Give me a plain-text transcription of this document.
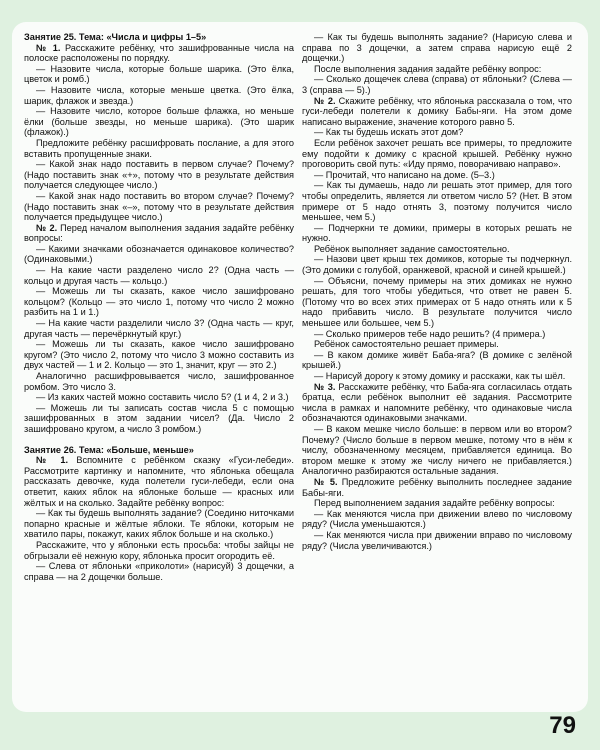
Занятие 25. Тема: «Числа и цифры 1–5»

№ 1. Расскажите ребёнку, что зашифрованные числа на полоске расположены по порядку.

— Назовите числа, которые больше шарика. (Это ёлка, цветок и ромб.)

— Назовите числа, которые меньше цветка. (Это ёлка, шарик, флажок и звезда.)

— Назовите число, которое больше флажка, но меньше ёлки (больше звезды, но меньше шарика). (Это шарик (флажок).)

Предложите ребёнку расшифровать послание, а для этого вставить пропущенные знаки.

— Какой знак надо поставить в первом случае? Почему? (Надо поставить знак «+», потому что в результате действия получается следующее число.)

— Какой знак надо поставить во втором случае? Почему? (Надо поставить знак «–», потому что в результате действия получается предыдущее число.)

№ 2. Перед началом выполнения задания задайте ребёнку вопросы:

— Какими значками обозначается одинаковое количество? (Одинаковыми.)

— На какие части разделено число 2? (Одна часть — кольцо и другая часть — кольцо.)

— Можешь ли ты сказать, какое число зашифровано кольцом? (Кольцо — это число 1, потому что число 2 можно разбить на 1 и 1.)

— На какие части разделили число 3? (Одна часть — круг, другая часть — перечёркнутый круг.)

— Можешь ли ты сказать, какое число зашифровано кругом? (Это число 2, потому что число 3 можно составить из двух частей — 1 и 2. Кольцо — это 1, значит, круг — это 2.)

Аналогично расшифровывается число, зашифрованное ромбом. Это число 3.

— Из каких частей можно составить число 5? (1 и 4, 2 и 3.)

— Можешь ли ты записать состав числа 5 с помощью зашифрованных в этом задании чисел? (Да. Число 2 зашифровано кругом, а число 3 ромбом.)

Занятие 26. Тема: «Больше, меньше»

№ 1. Вспомните с ребёнком сказку «Гуси-лебеди». Рассмотрите картинку и напомните, что яблонька обещала рассказать девочке, куда полетели гуси-лебеди, если она ответит, каких яблок на яблоньке больше — красных или жёлтых и на сколько. Задайте ребёнку вопрос:

— Как ты будешь выполнять задание? (Соединю ниточками попарно красные и жёлтые яблоки. Те яблоки, которым не хватило пары, покажут, каких яблок больше и на сколько.)

Расскажите, что у яблоньки есть просьба: чтобы зайцы не обгрызали её нежную кору, яблонька просит огородить её.

— Слева от яблоньки «приколоти» (нарисуй) 3 дощечки, а справа — на 2 дощечки больше.

— Как ты будешь выполнять задание? (Нарисую слева и справа по 3 дощечки, а затем справа нарисую ещё 2 дощечки.)

После выполнения задания задайте ребёнку вопрос:

— Сколько дощечек слева (справа) от яблоньки? (Слева — 3 (справа — 5).)

№ 2. Скажите ребёнку, что яблонька рассказала о том, что гуси-лебеди полетели к домику Бабы-яги. На этом доме написано выражение, значение которого равно 5.

— Как ты будешь искать этот дом?

Если ребёнок захочет решать все примеры, то предложите ему подойти к домику с красной крышей. Ребёнку нужно проговорить свой путь: «Иду прямо, поворачиваю направо».

— Прочитай, что написано на доме. (5–3.)

— Как ты думаешь, надо ли решать этот пример, для того чтобы определить, является ли ответом число 5? (Нет. В этом примере от 5 надо отнять 3, поэтому получится число меньшее, чем 5.)

— Подчеркни те домики, примеры в которых решать не нужно.

Ребёнок выполняет задание самостоятельно.

— Назови цвет крыш тех домиков, которые ты подчеркнул. (Это домики с голубой, оранжевой, красной и синей крышей.)

— Объясни, почему примеры на этих домиках не нужно решать, для того чтобы убедиться, что ответ не равен 5. (Потому что во всех этих примерах от 5 надо отнять или к 5 надо прибавить число. В результате получится число меньшее или большее, чем 5.)

— Сколько примеров тебе надо решить? (4 примера.)

Ребёнок самостоятельно решает примеры.

— В каком домике живёт Баба-яга? (В домике с зелёной крышей.)

— Нарисуй дорогу к этому домику и расскажи, как ты шёл.

№ 3. Расскажите ребёнку, что Баба-яга согласилась отдать братца, если ребёнок выполнит её задания. Рассмотрите числа в рамках и напомните ребёнку, что одинаковые числа обозначаются одинаковыми значками.

— В каком мешке число больше: в первом или во втором? Почему? (Число больше в первом мешке, потому что в нём к числу, обозначенному месяцем, прибавляется единица. Во втором мешке к этому же числу ничего не прибавляется.) Аналогично разбираются остальные задания.

№ 5. Предложите ребёнку выполнить последнее задание Бабы-яги.

Перед выполнением задания задайте ребёнку вопросы:

— Как меняются числа при движении влево по числовому ряду? (Числа уменьшаются.)

— Как меняются числа при движении вправо по числовому ряду? (Числа увеличиваются.)

79
